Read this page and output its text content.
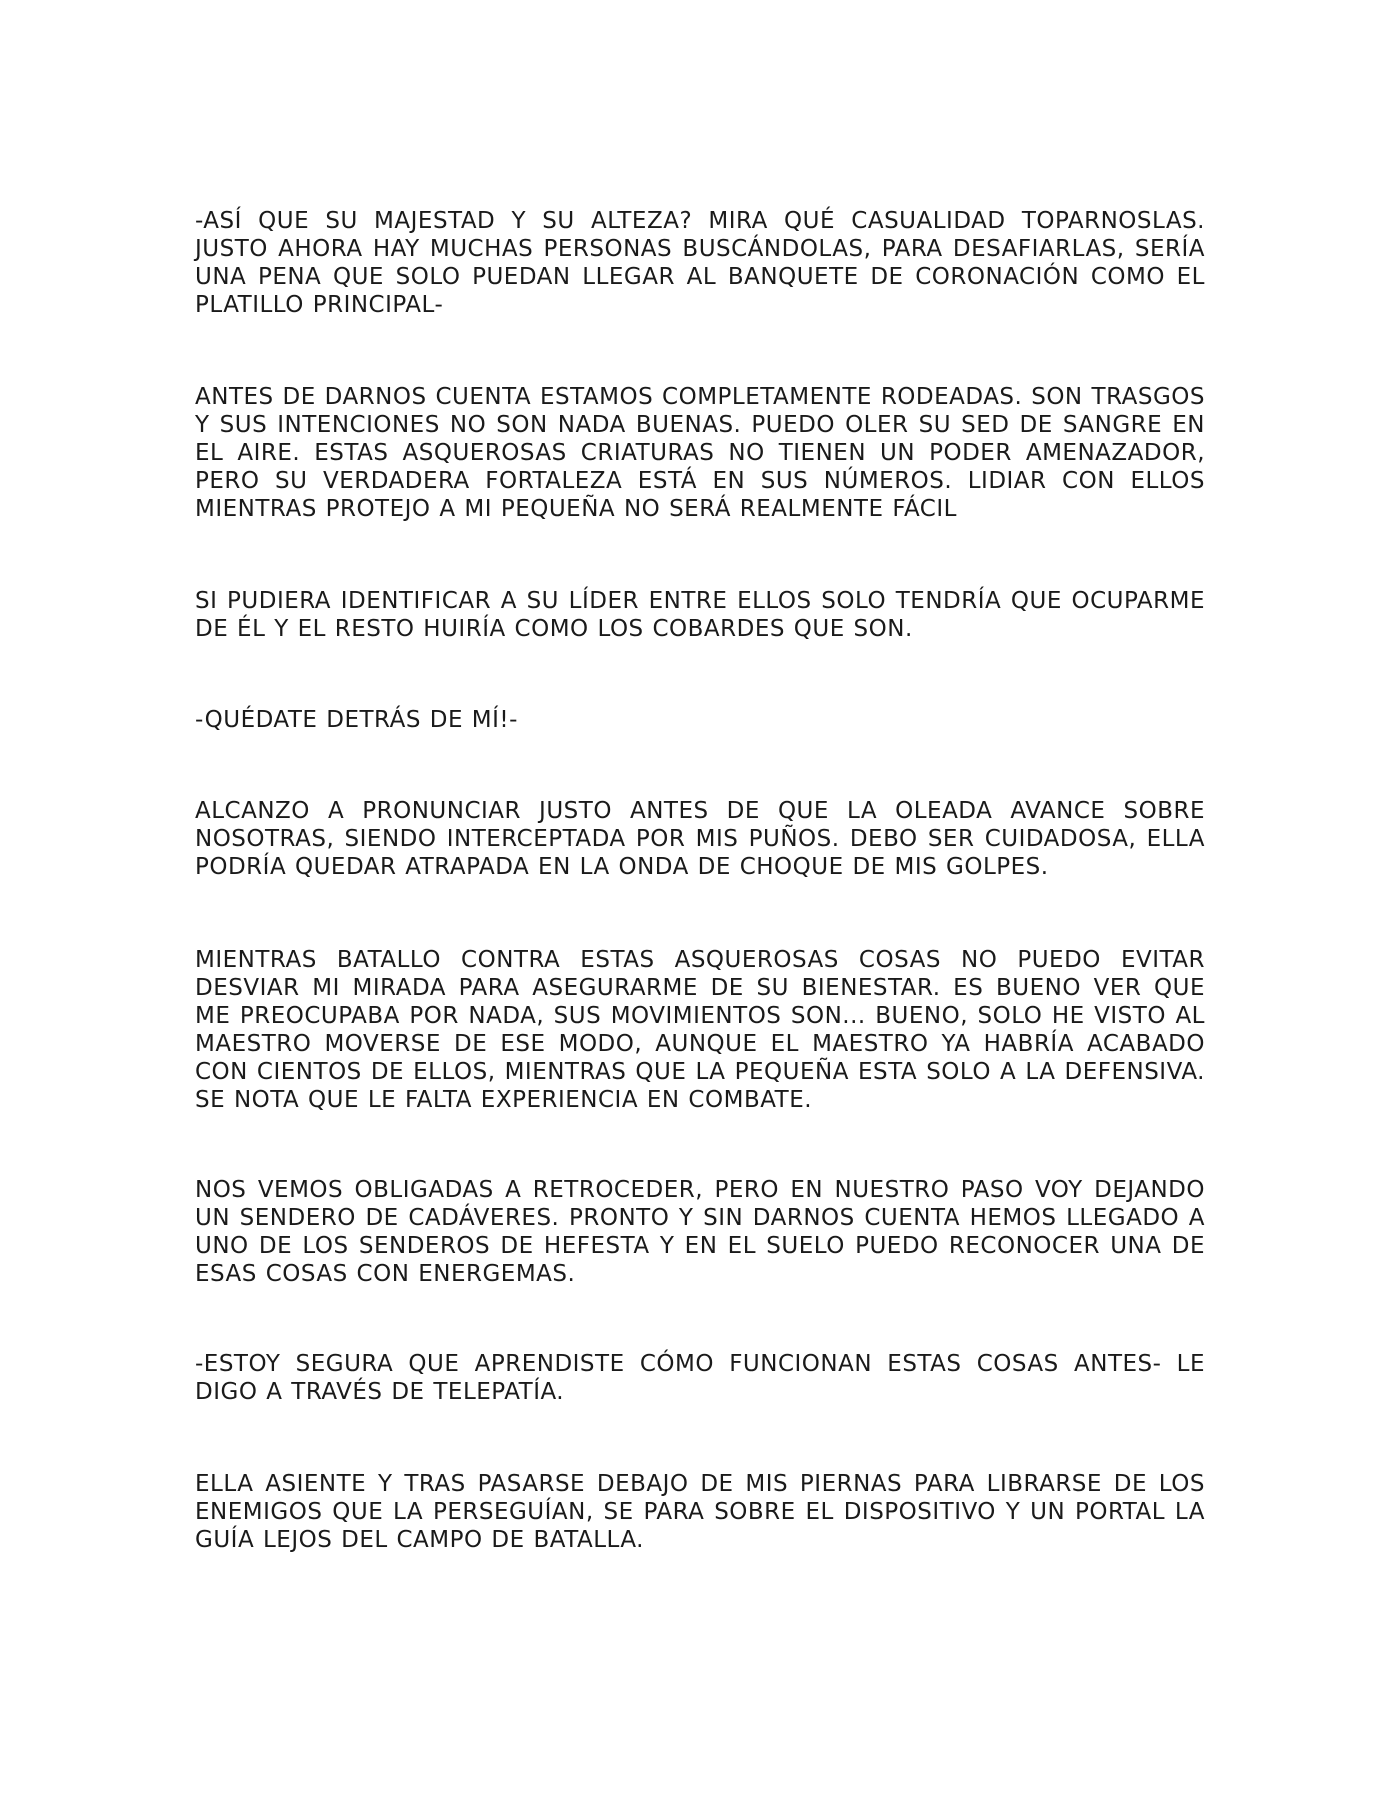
-ASÍ QUE SU MAJESTAD Y SU ALTEZA? MIRA QUÉ CASUALIDAD TOPARNOSLAS. JUSTO AHORA HAY MUCHAS PERSONAS BUSCÁNDOLAS, PARA DESAFIARLAS, SERÍA UNA PENA QUE SOLO PUEDAN LLEGAR AL BANQUETE DE CORONACIÓN COMO EL PLATILLO PRINCIPAL-

ANTES DE DARNOS CUENTA ESTAMOS COMPLETAMENTE RODEADAS. SON TRASGOS Y SUS INTENCIONES NO SON NADA BUENAS. PUEDO OLER SU SED DE SANGRE EN EL AIRE. ESTAS ASQUEROSAS CRIATURAS NO TIENEN UN PODER AMENAZADOR, PERO SU VERDADERA FORTALEZA ESTÁ EN SUS NÚMEROS. LIDIAR CON ELLOS MIENTRAS PROTEJO A MI PEQUEÑA NO SERÁ REALMENTE FÁCIL

SI PUDIERA IDENTIFICAR A SU LÍDER ENTRE ELLOS SOLO TENDRÍA QUE OCUPARME DE ÉL Y EL RESTO HUIRÍA COMO LOS COBARDES QUE SON.

-QUÉDATE DETRÁS DE MÍ!-

ALCANZO A PRONUNCIAR JUSTO ANTES DE QUE LA OLEADA AVANCE SOBRE NOSOTRAS, SIENDO INTERCEPTADA POR MIS PUÑOS. DEBO SER CUIDADOSA, ELLA PODRÍA QUEDAR ATRAPADA EN LA ONDA DE CHOQUE DE MIS GOLPES.

MIENTRAS BATALLO CONTRA ESTAS ASQUEROSAS COSAS NO PUEDO EVITAR DESVIAR MI MIRADA PARA ASEGURARME DE SU BIENESTAR. ES BUENO VER QUE ME PREOCUPABA POR NADA, SUS MOVIMIENTOS SON... BUENO, SOLO HE VISTO AL MAESTRO MOVERSE DE ESE MODO, AUNQUE EL MAESTRO YA HABRÍA ACABADO CON CIENTOS DE ELLOS, MIENTRAS QUE LA PEQUEÑA ESTA SOLO A LA DEFENSIVA. SE NOTA QUE LE FALTA EXPERIENCIA EN COMBATE.

NOS VEMOS OBLIGADAS A RETROCEDER, PERO EN NUESTRO PASO VOY DEJANDO UN SENDERO DE CADÁVERES. PRONTO Y SIN DARNOS CUENTA HEMOS LLEGADO A UNO DE LOS SENDEROS DE HEFESTA Y EN EL SUELO PUEDO RECONOCER UNA DE ESAS COSAS CON ENERGEMAS.

-ESTOY SEGURA QUE APRENDISTE CÓMO FUNCIONAN ESTAS COSAS ANTES- LE DIGO A TRAVÉS DE TELEPATÍA.

ELLA ASIENTE Y TRAS PASARSE DEBAJO DE MIS PIERNAS PARA LIBRARSE DE LOS ENEMIGOS QUE LA PERSEGUÍAN, SE PARA SOBRE EL DISPOSITIVO Y UN PORTAL LA GUÍA LEJOS DEL CAMPO DE BATALLA.
